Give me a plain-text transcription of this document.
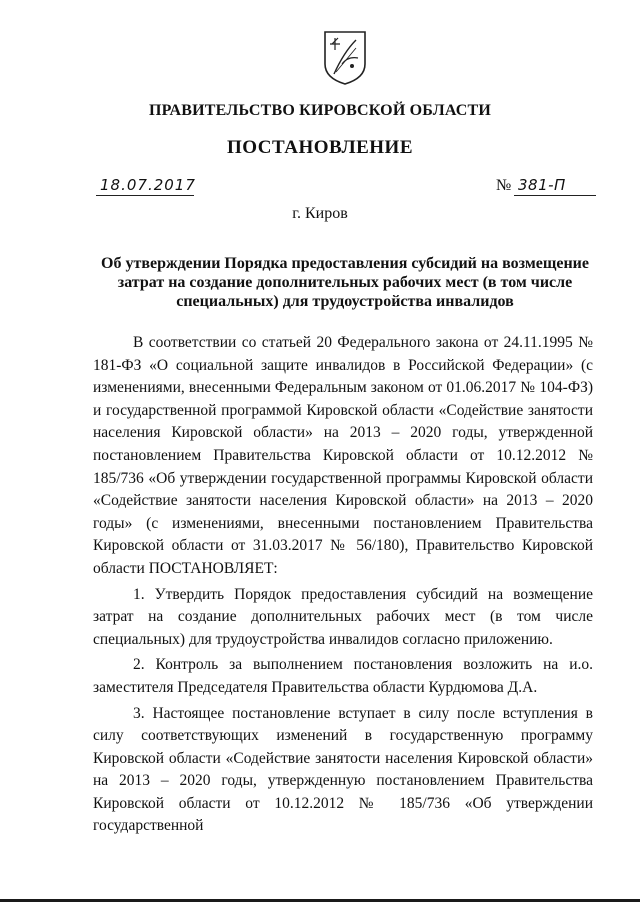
ПРАВИТЕЛЬСТВО КИРОВСКОЙ ОБЛАСТИ
ПОСТАНОВЛЕНИЕ
18.07.2017	№ 381-П
г. Киров
Об утверждении Порядка предоставления субсидий на возмещение затрат на создание дополнительных рабочих мест (в том числе специальных) для трудоустройства инвалидов

В соответствии со статьей 20 Федерального закона от 24.11.1995 № 181-ФЗ «О социальной защите инвалидов в Российской Федерации» (с изменениями, внесенными Федеральным законом от 01.06.2017 № 104-ФЗ) и государственной программой Кировской области «Содействие занятости населения Кировской области» на 2013 – 2020 годы, утвержденной постановлением Правительства Кировской области от 10.12.2012 № 185/736 «Об утверждении государственной программы Кировской области «Содействие занятости населения Кировской области» на 2013 – 2020 годы» (с изменениями, внесенными постановлением Правительства Кировской области от 31.03.2017 № 56/180), Правительство Кировской области ПОСТАНОВЛЯЕТ:

1. Утвердить Порядок предоставления субсидий на возмещение затрат на создание дополнительных рабочих мест (в том числе специальных) для трудоустройства инвалидов согласно приложению.

2. Контроль за выполнением постановления возложить на и.о. заместителя Председателя Правительства области Курдюмова Д.А.

3. Настоящее постановление вступает в силу после вступления в силу соответствующих изменений в государственную программу Кировской области «Содействие занятости населения Кировской области» на 2013 – 2020 годы, утвержденную постановлением Правительства Кировской области от 10.12.2012 № 185/736 «Об утверждении государственной
